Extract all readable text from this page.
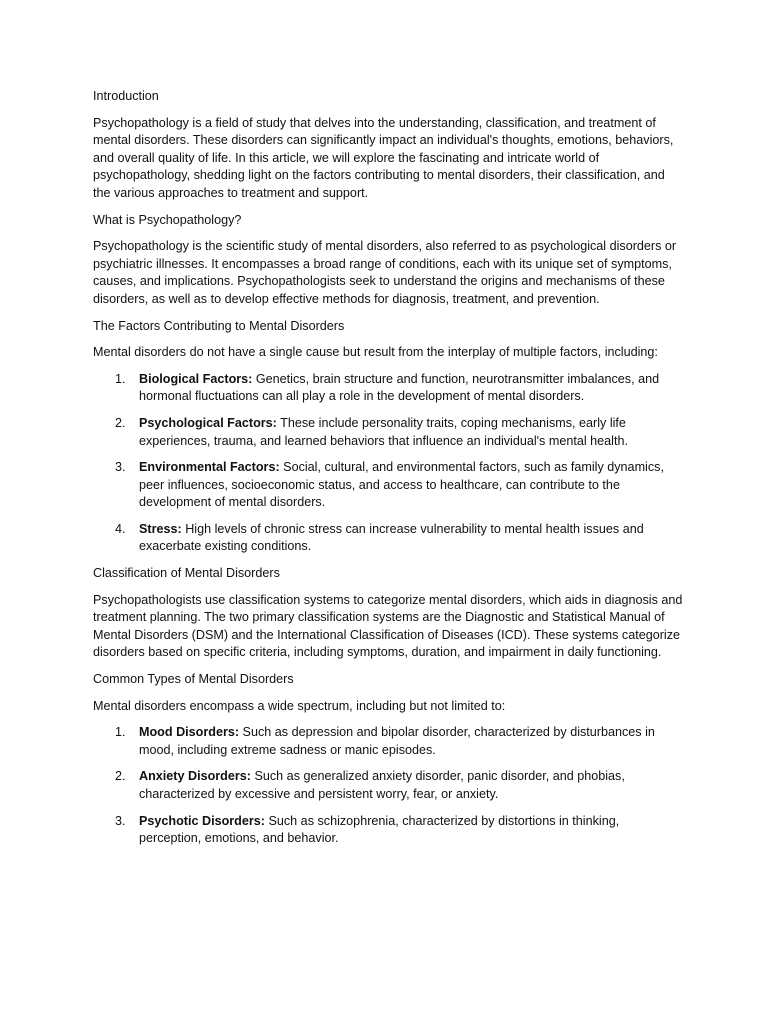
Introduction

Psychopathology is a field of study that delves into the understanding, classification, and treatment of mental disorders. These disorders can significantly impact an individual's thoughts, emotions, behaviors, and overall quality of life. In this article, we will explore the fascinating and intricate world of psychopathology, shedding light on the factors contributing to mental disorders, their classification, and the various approaches to treatment and support.

What is Psychopathology?

Psychopathology is the scientific study of mental disorders, also referred to as psychological disorders or psychiatric illnesses. It encompasses a broad range of conditions, each with its unique set of symptoms, causes, and implications. Psychopathologists seek to understand the origins and mechanisms of these disorders, as well as to develop effective methods for diagnosis, treatment, and prevention.

The Factors Contributing to Mental Disorders

Mental disorders do not have a single cause but result from the interplay of multiple factors, including:

1. Biological Factors: Genetics, brain structure and function, neurotransmitter imbalances, and hormonal fluctuations can all play a role in the development of mental disorders.
2. Psychological Factors: These include personality traits, coping mechanisms, early life experiences, trauma, and learned behaviors that influence an individual's mental health.
3. Environmental Factors: Social, cultural, and environmental factors, such as family dynamics, peer influences, socioeconomic status, and access to healthcare, can contribute to the development of mental disorders.
4. Stress: High levels of chronic stress can increase vulnerability to mental health issues and exacerbate existing conditions.

Classification of Mental Disorders

Psychopathologists use classification systems to categorize mental disorders, which aids in diagnosis and treatment planning. The two primary classification systems are the Diagnostic and Statistical Manual of Mental Disorders (DSM) and the International Classification of Diseases (ICD). These systems categorize disorders based on specific criteria, including symptoms, duration, and impairment in daily functioning.

Common Types of Mental Disorders

Mental disorders encompass a wide spectrum, including but not limited to:

1. Mood Disorders: Such as depression and bipolar disorder, characterized by disturbances in mood, including extreme sadness or manic episodes.
2. Anxiety Disorders: Such as generalized anxiety disorder, panic disorder, and phobias, characterized by excessive and persistent worry, fear, or anxiety.
3. Psychotic Disorders: Such as schizophrenia, characterized by distortions in thinking, perception, emotions, and behavior.
